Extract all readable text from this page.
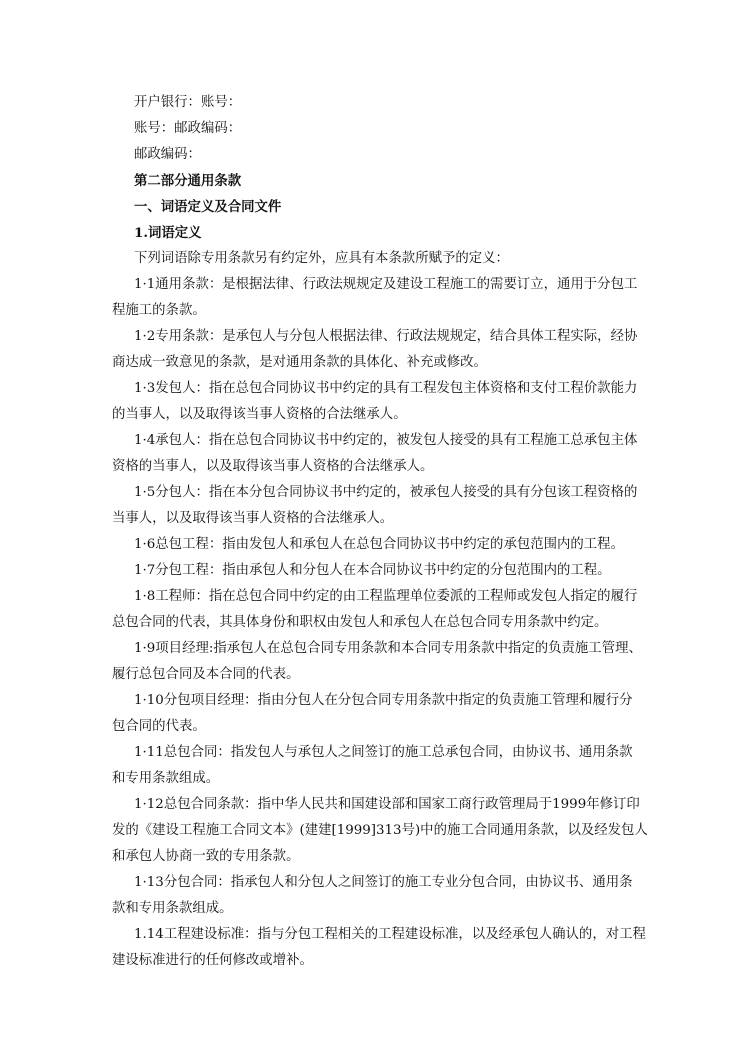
开户银行：账号：
账号：邮政编码：
邮政编码：
第二部分通用条款
一、词语定义及合同文件
1.词语定义
下列词语除专用条款另有约定外，应具有本条款所赋予的定义：
1·1通用条款：是根据法律、行政法规规定及建设工程施工的需要订立，通用于分包工
程施工的条款。
1·2专用条款：是承包人与分包人根据法律、行政法规规定，结合具体工程实际，经协
商达成一致意见的条款，是对通用条款的具体化、补充或修改。
1·3发包人：指在总包合同协议书中约定的具有工程发包主体资格和支付工程价款能力
的当事人，以及取得该当事人资格的合法继承人。
1·4承包人：指在总包合同协议书中约定的，被发包人接受的具有工程施工总承包主体
资格的当事人，以及取得该当事人资格的合法继承人。
1·5分包人：指在本分包合同协议书中约定的，被承包人接受的具有分包该工程资格的
当事人，以及取得该当事人资格的合法继承人。
1·6总包工程：指由发包人和承包人在总包合同协议书中约定的承包范围内的工程。
1·7分包工程：指由承包人和分包人在本合同协议书中约定的分包范围内的工程。
1·8工程师：指在总包合同中约定的由工程监理单位委派的工程师或发包人指定的履行
总包合同的代表，其具体身份和职权由发包人和承包人在总包合同专用条款中约定。
1·9项目经理:指承包人在总包合同专用条款和本合同专用条款中指定的负责施工管理、
履行总包合同及本合同的代表。
1·10分包项目经理：指由分包人在分包合同专用条款中指定的负责施工管理和履行分
包合同的代表。
1·11总包合同：指发包人与承包人之间签订的施工总承包合同，由协议书、通用条款
和专用条款组成。
1·12总包合同条款：指中华人民共和国建设部和国家工商行政管理局于1999年修订印
发的《建设工程施工合同文本》(建建[1999]313号)中的施工合同通用条款，以及经发包人
和承包人协商一致的专用条款。
1·13分包合同：指承包人和分包人之间签订的施工专业分包合同，由协议书、通用条
款和专用条款组成。
1.14工程建设标准：指与分包工程相关的工程建设标准，以及经承包人确认的，对工程
建设标准进行的任何修改或增补。
